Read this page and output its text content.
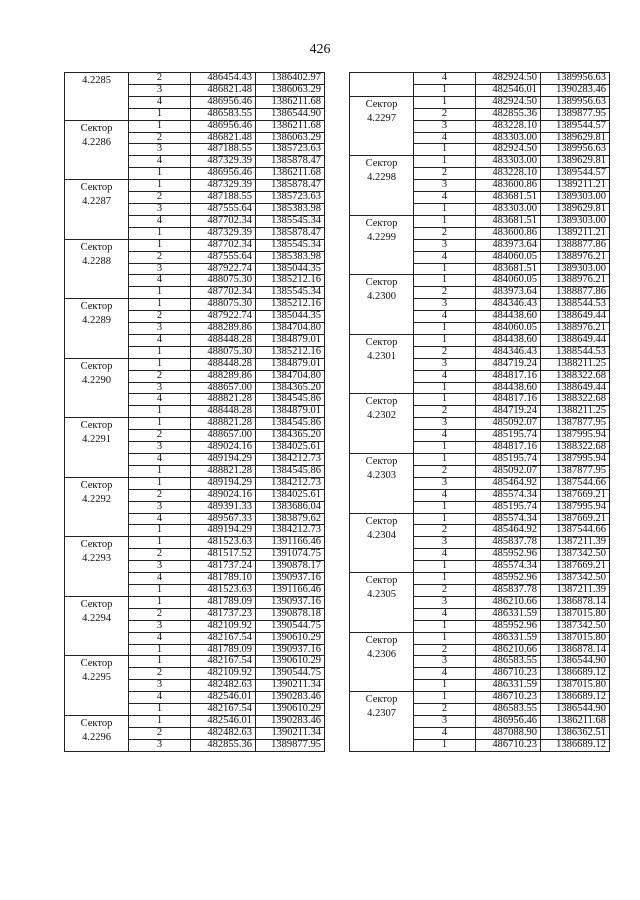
426
4.2285	2	486454.43	1386402.97
	3	486821.48	1386063.29
	4	486956.46	1386211.68
	1	486583.55	1386544.90
Сектор
4.2286	1	486956.46	1386211.68
	2	486821.48	1386063.29
	3	487188.55	1385723.63
	4	487329.39	1385878.47
	1	486956.46	1386211.68
Сектор
4.2287	1	487329.39	1385878.47
	2	487188.55	1385723.63
	3	487555.64	1385383.98
	4	487702.34	1385545.34
	1	487329.39	1385878.47
Сектор
4.2288	1	487702.34	1385545.34
	2	487555.64	1385383.98
	3	487922.74	1385044.35
	4	488075.30	1385212.16
	1	487702.34	1385545.34
Сектор
4.2289	1	488075.30	1385212.16
	2	487922.74	1385044.35
	3	488289.86	1384704.80
	4	488448.28	1384879.01
	1	488075.30	1385212.16
Сектор
4.2290	1	488448.28	1384879.01
	2	488289.86	1384704.80
	3	488657.00	1384365.20
	4	488821.28	1384545.86
	1	488448.28	1384879.01
Сектор
4.2291	1	488821.28	1384545.86
	2	488657.00	1384365.20
	3	489024.16	1384025.61
	4	489194.29	1384212.73
	1	488821.28	1384545.86
Сектор
4.2292	1	489194.29	1384212.73
	2	489024.16	1384025.61
	3	489391.33	1383686.04
	4	489567.33	1383879.62
	1	489194.29	1384212.73
Сектор
4.2293	1	481523.63	1391166.46
	2	481517.52	1391074.75
	3	481737.24	1390878.17
	4	481789.10	1390937.16
	1	481523.63	1391166.46
Сектор
4.2294	1	481789.09	1390937.16
	2	481737.23	1390878.18
	3	482109.92	1390544.75
	4	482167.54	1390610.29
	1	481789.09	1390937.16
Сектор
4.2295	1	482167.54	1390610.29
	2	482109.92	1390544.75
	3	482482.63	1390211.34
	4	482546.01	1390283.46
	1	482167.54	1390610.29
Сектор
4.2296	1	482546.01	1390283.46
	2	482482.63	1390211.34
	3	482855.36	1389877.95
	4	482924.50	1389956.63
	1	482546.01	1390283.46
Сектор
4.2297	1	482924.50	1389956.63
	2	482855.36	1389877.95
	3	483228.10	1389544.57
	4	483303.00	1389629.81
	1	482924.50	1389956.63
Сектор
4.2298	1	483303.00	1389629.81
	2	483228.10	1389544.57
	3	483600.86	1389211.21
	4	483681.51	1389303.00
	1	483303.00	1389629.81
Сектор
4.2299	1	483681.51	1389303.00
	2	483600.86	1389211.21
	3	483973.64	1388877.86
	4	484060.05	1388976.21
	1	483681.51	1389303.00
Сектор
4.2300	1	484060.05	1388976.21
	2	483973.64	1388877.86
	3	484346.43	1388544.53
	4	484438.60	1388649.44
	1	484060.05	1388976.21
Сектор
4.2301	1	484438.60	1388649.44
	2	484346.43	1388544.53
	3	484719.24	1388211.25
	4	484817.16	1388322.68
	1	484438.60	1388649.44
Сектор
4.2302	1	484817.16	1388322.68
	2	484719.24	1388211.25
	3	485092.07	1387877.95
	4	485195.74	1387995.94
	1	484817.16	1388322.68
Сектор
4.2303	1	485195.74	1387995.94
	2	485092.07	1387877.95
	3	485464.92	1387544.66
	4	485574.34	1387669.21
	1	485195.74	1387995.94
Сектор
4.2304	1	485574.34	1387669.21
	2	485464.92	1387544.66
	3	485837.78	1387211.39
	4	485952.96	1387342.50
	1	485574.34	1387669.21
Сектор
4.2305	1	485952.96	1387342.50
	2	485837.78	1387211.39
	3	486210.66	1386878.14
	4	486331.59	1387015.80
	1	485952.96	1387342.50
Сектор
4.2306	1	486331.59	1387015.80
	2	486210.66	1386878.14
	3	486583.55	1386544.90
	4	486710.23	1386689.12
	1	486331.59	1387015.80
Сектор
4.2307	1	486710.23	1386689.12
	2	486583.55	1386544.90
	3	486956.46	1386211.68
	4	487088.90	1386362.51
	1	486710.23	1386689.12
